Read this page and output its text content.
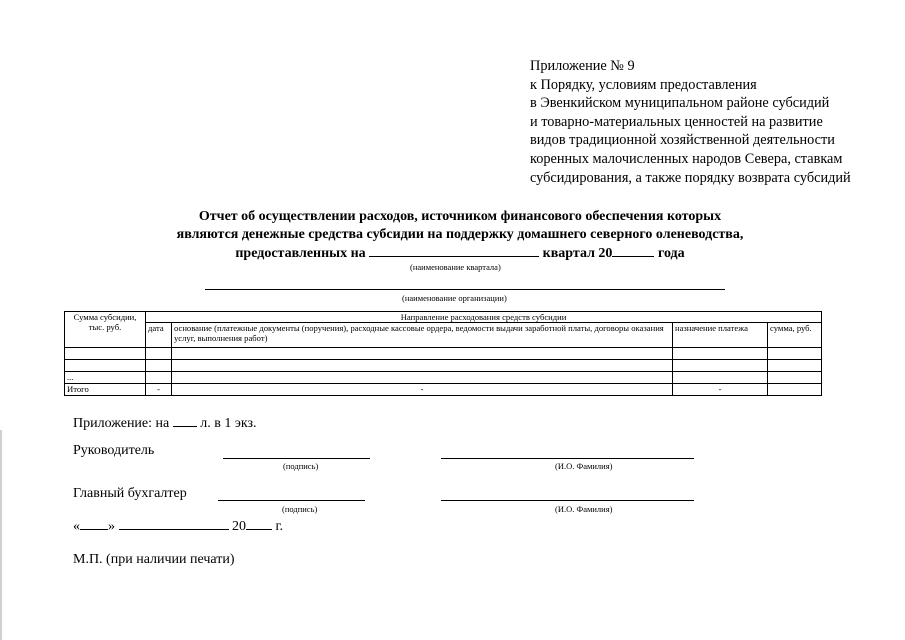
Приложение № 9
к Порядку, условиям предоставления
в Эвенкийском муниципальном районе субсидий
и товарно-материальных ценностей на развитие
видов традиционной хозяйственной деятельности
коренных малочисленных народов Севера, ставкам
субсидирования, а также порядку возврата субсидий
Отчет об осуществлении расходов, источником финансового обеспечения которых
являются денежные средства субсидии на поддержку домашнего северного оленеводства,
предоставленных на	квартал 20	года
(наименование квартала)
(наименование организации)
Сумма субсидии, тыс. руб.	Направление расходования средств субсидии			
	дата	основание (платежные документы (поручения), расходные кассовые ордера, ведомости выдачи заработной платы, договоры оказания услуг, выполнения работ)	назначение платежа	сумма, руб.

...				
Итого	-	-	-	
Приложение: на л. в 1 экз.
Руководитель
(подпись)	(И.О. Фамилия)
Главный бухгалтер
(подпись)	(И.О. Фамилия)
« »	20 г.
М.П. (при наличии печати)
